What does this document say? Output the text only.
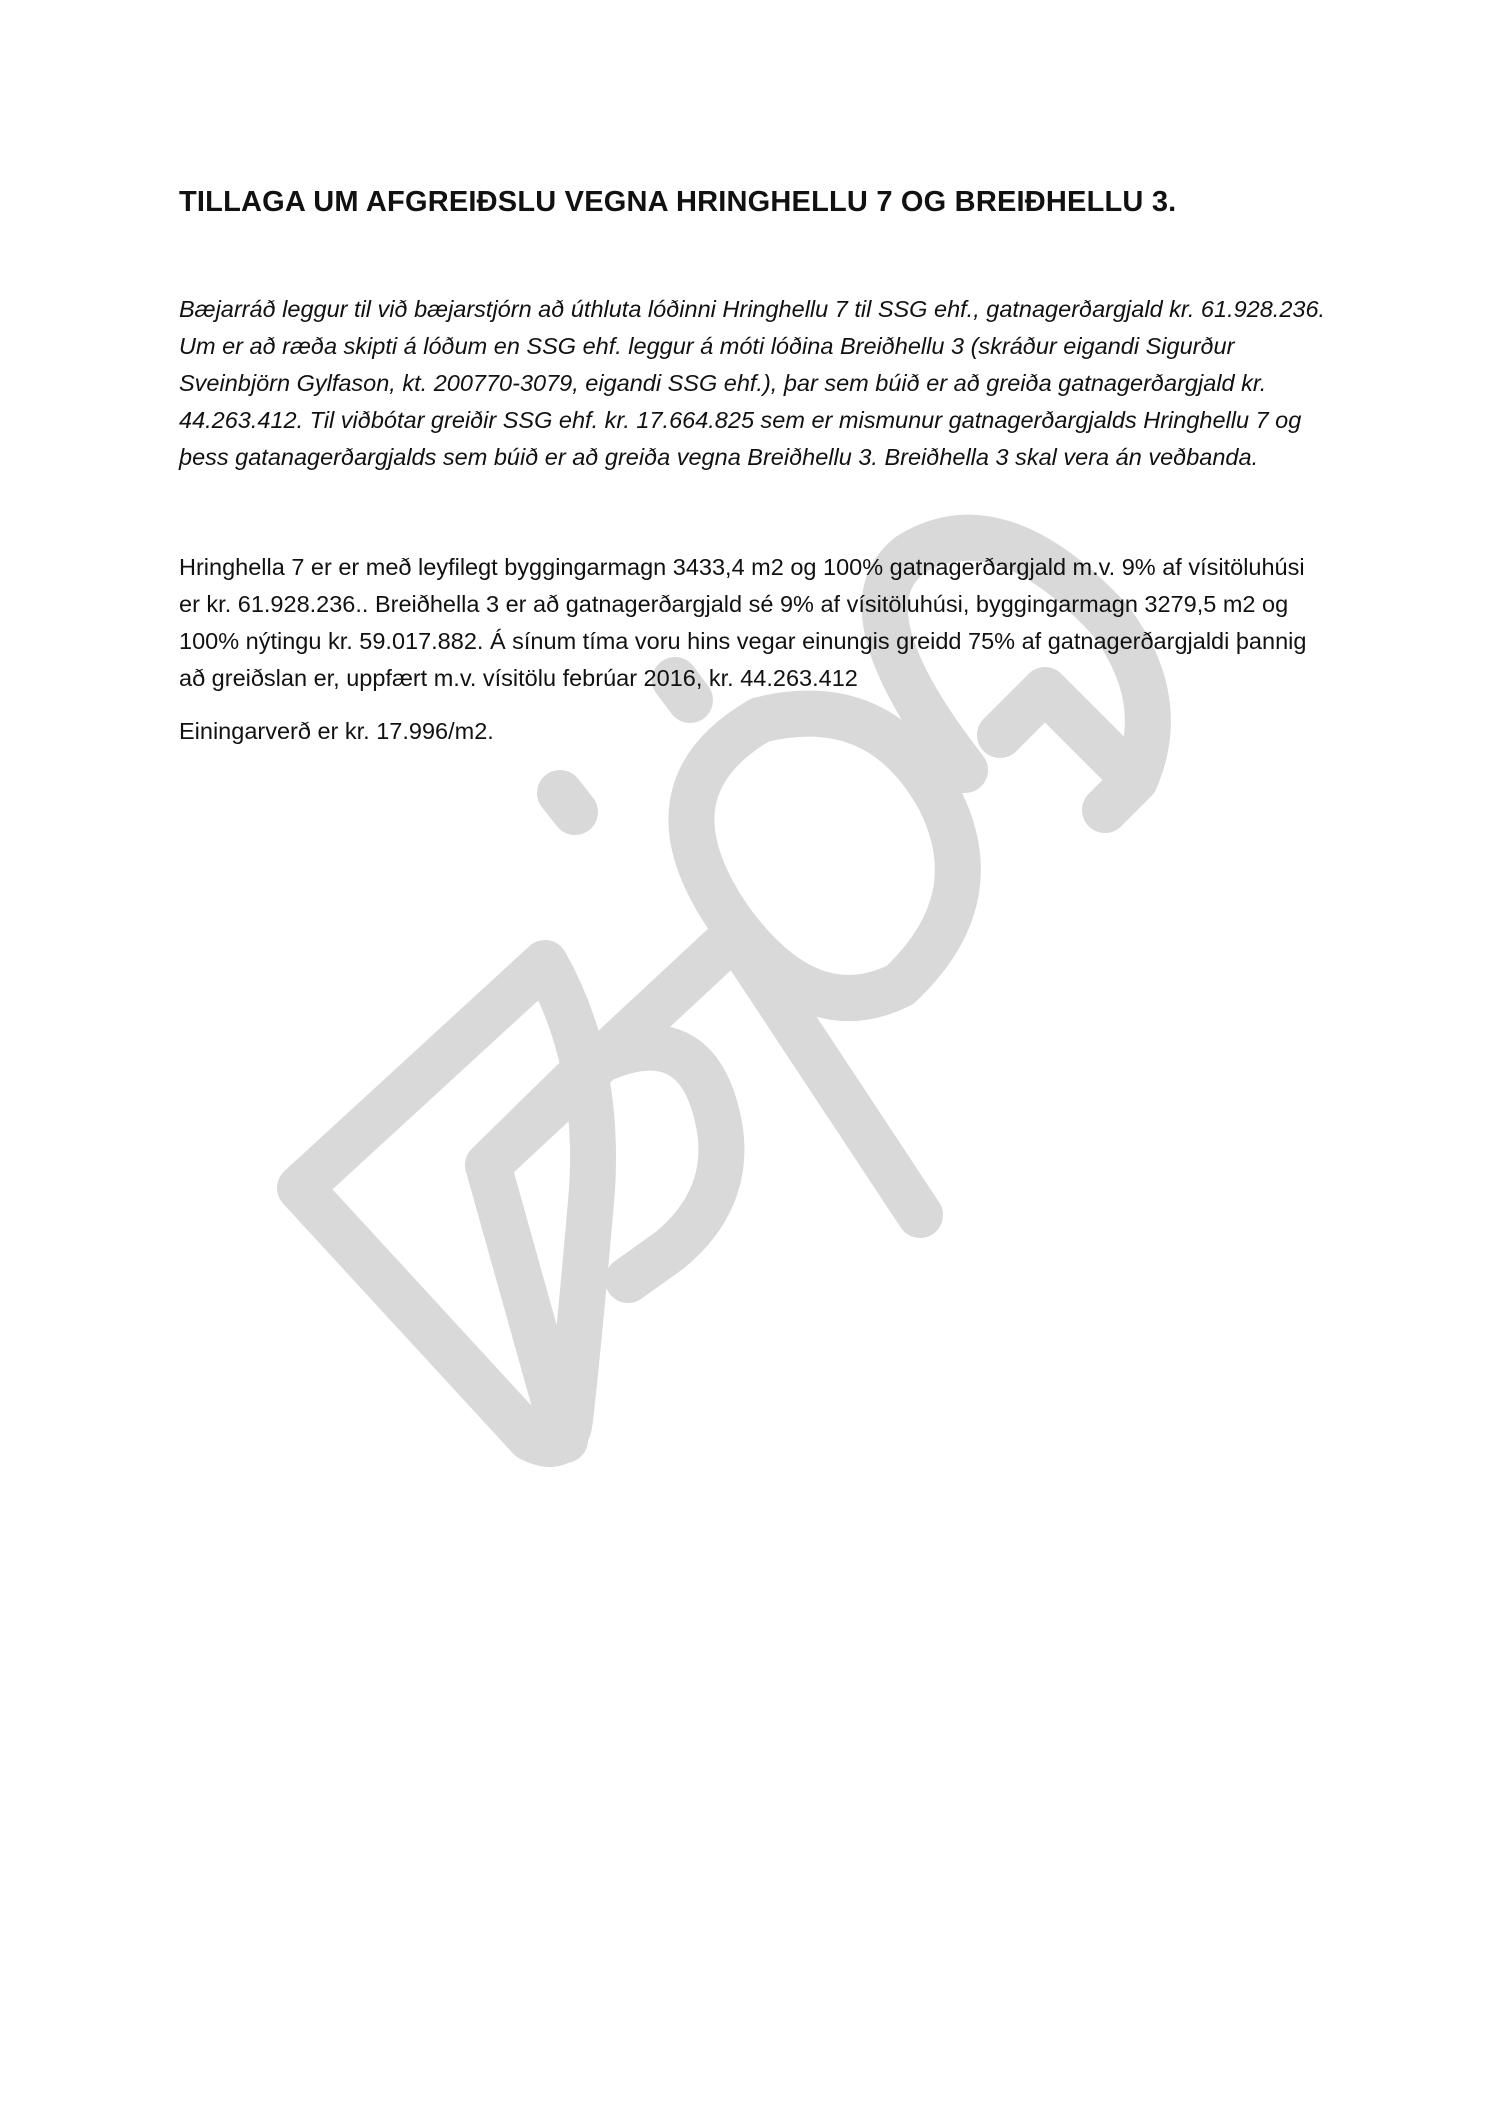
TILLAGA UM AFGREIÐSLU VEGNA HRINGHELLU 7 OG BREIÐHELLU 3.

Bæjarráð leggur til við bæjarstjórn að úthluta lóðinni Hringhellu 7 til SSG ehf., gatnagerðargjald kr. 61.928.236. Um er að ræða skipti á lóðum en SSG ehf. leggur á móti lóðina Breiðhellu 3 (skráður eigandi Sigurður Sveinbjörn Gylfason, kt. 200770-3079, eigandi SSG ehf.), þar sem búið er að greiða gatnagerðargjald kr. 44.263.412. Til viðbótar greiðir SSG ehf. kr. 17.664.825 sem er mismunur gatnagerðargjalds Hringhellu 7 og þess gatanagerðargjalds sem búið er að greiða vegna Breiðhellu 3. Breiðhella 3 skal vera án veðbanda.

Hringhella 7 er er með leyfilegt byggingarmagn 3433,4 m2 og 100% gatnagerðargjald m.v. 9% af vísitöluhúsi er kr. 61.928.236.. Breiðhella 3 er að gatnagerðargjald sé 9% af vísitöluhúsi, byggingarmagn 3279,5 m2 og 100% nýtingu kr. 59.017.882. Á sínum tíma voru hins vegar einungis greidd 75% af gatnagerðargjaldi þannig að greiðslan er, uppfært m.v. vísitölu febrúar 2016, kr. 44.263.412

Einingarverð er kr. 17.996/m2.
